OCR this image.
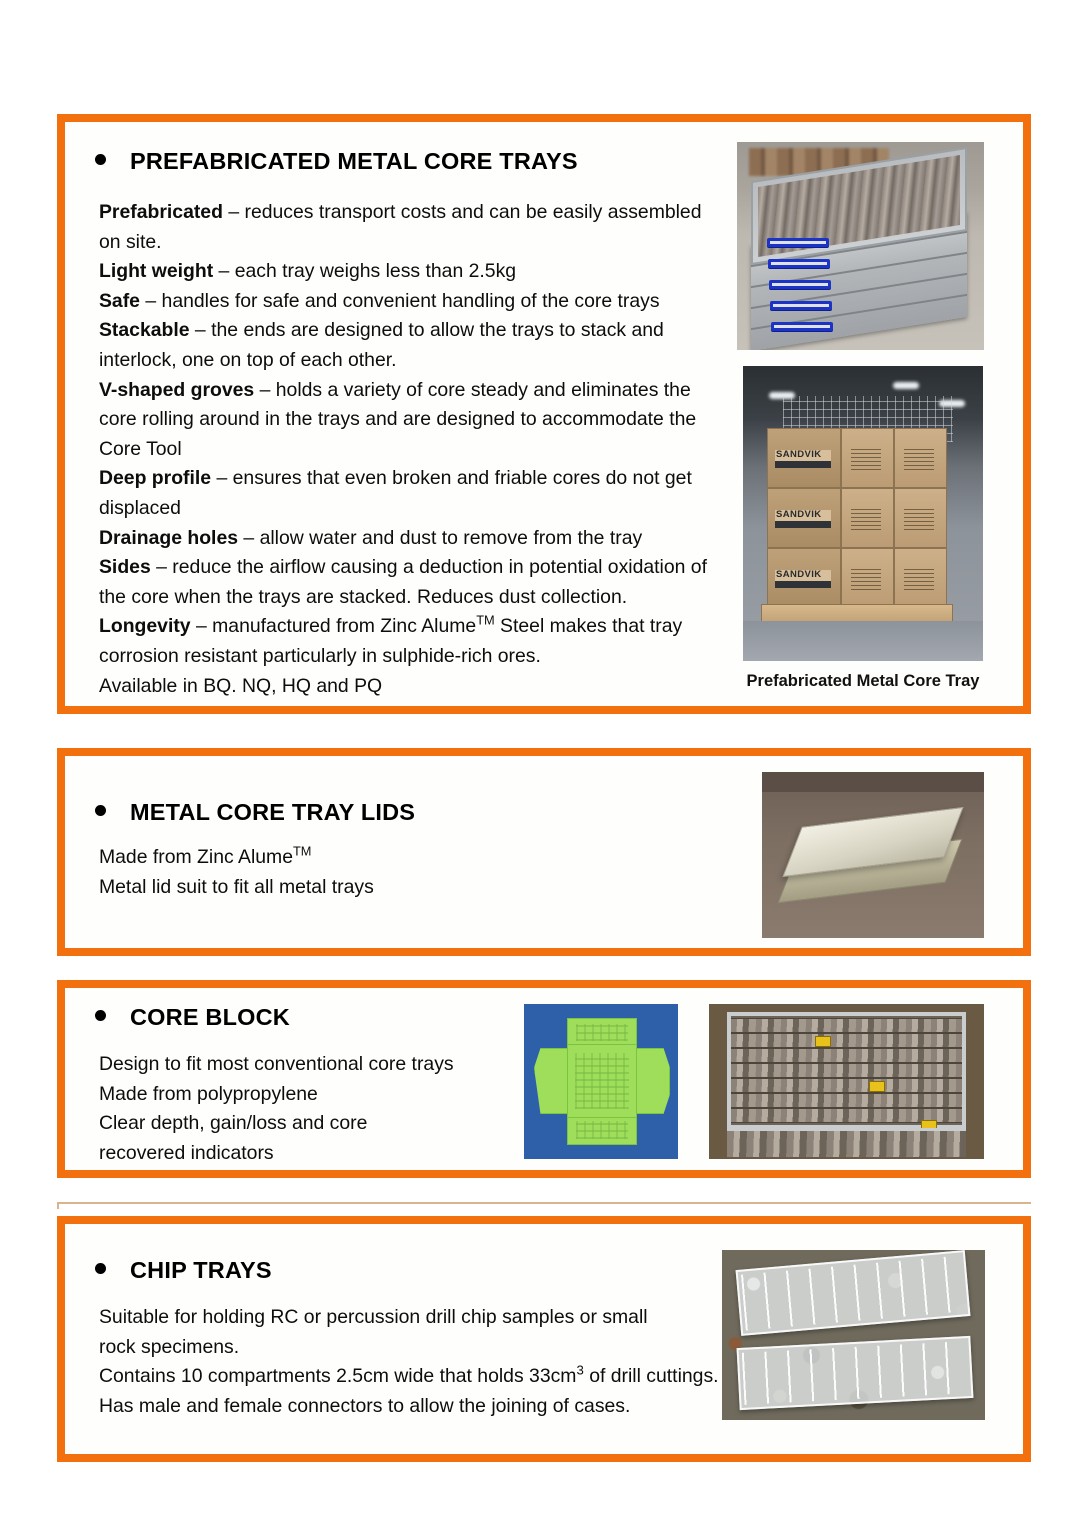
PREFABRICATED METAL CORE TRAYS

Prefabricated – reduces transport costs and can be easily assembled on site.

Light weight – each tray weighs less than 2.5kg

Safe – handles for safe and convenient handling of the core trays

Stackable – the ends are designed to allow the trays to stack and interlock, one on top of each other.

V-shaped groves – holds a variety of core steady and eliminates the core rolling around in the trays and are designed to accommodate the Core Tool

Deep profile – ensures that even broken and friable cores do not get displaced

Drainage holes – allow water and dust to remove from the tray

Sides – reduce the airflow causing a deduction in potential oxidation of the core when the trays are stacked. Reduces dust collection.

Longevity – manufactured from Zinc Alume™ Steel makes that tray corrosion resistant particularly in sulphide-rich ores.

Available in BQ. NQ, HQ and PQ

SANDVIK
SANDVIK
SANDVIK
Prefabricated Metal Core Tray
METAL CORE TRAY LIDS

Made from Zinc Alume™

Metal lid suit to fit all metal trays

CORE BLOCK

Design to fit most conventional core trays

Made from polypropylene

Clear depth, gain/loss and core

recovered indicators

CHIP TRAYS

Suitable for holding RC or percussion drill chip samples or small

rock specimens.

Contains 10 compartments 2.5cm wide that holds $33cm^3$ of drill cuttings.

Has male and female connectors to allow the joining of cases.
